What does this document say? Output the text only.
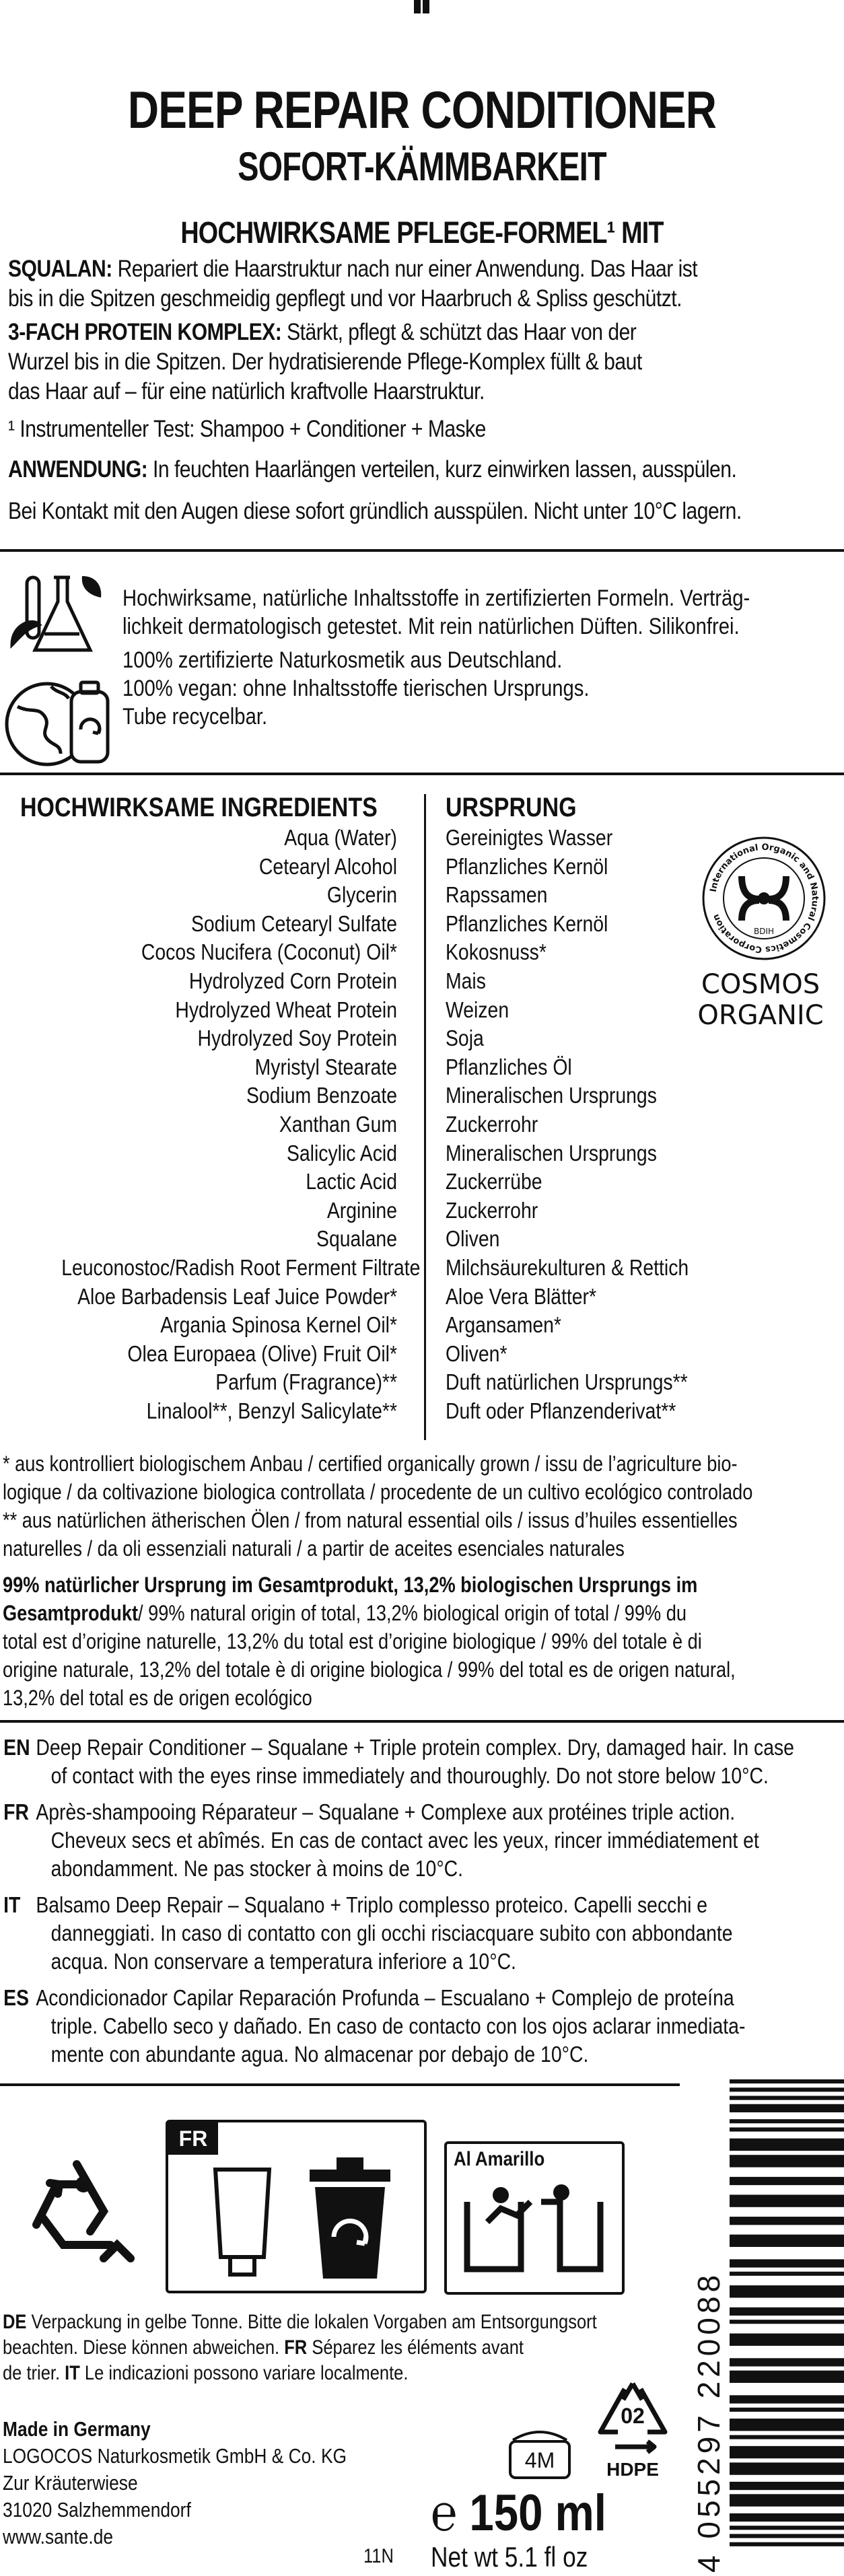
DEEP REPAIR CONDITIONER
SOFORT-KÄMMBARKEIT
HOCHWIRKSAME PFLEGE-FORMEL¹ MIT
SQUALAN: Repariert die Haarstruktur nach nur einer Anwendung. Das Haar ist
bis in die Spitzen geschmeidig gepflegt und vor Haarbruch & Spliss geschützt.
3-FACH PROTEIN KOMPLEX: Stärkt, pflegt & schützt das Haar von der
Wurzel bis in die Spitzen. Der hydratisierende Pflege-Komplex füllt & baut
das Haar auf – für eine natürlich kraftvolle Haarstruktur.
¹ Instrumenteller Test: Shampoo + Conditioner + Maske
ANWENDUNG: In feuchten Haarlängen verteilen, kurz einwirken lassen, ausspülen.
Bei Kontakt mit den Augen diese sofort gründlich ausspülen. Nicht unter 10°C lagern.
Hochwirksame, natürliche Inhaltsstoffe in zertifizierten Formeln. Verträg-
lichkeit dermatologisch getestet. Mit rein natürlichen Düften. Silikonfrei.
100% zertifizierte Naturkosmetik aus Deutschland.
100% vegan: ohne Inhaltsstoffe tierischen Ursprungs.
Tube recycelbar.
HOCHWIRKSAME INGREDIENTS	URSPRUNG
Aqua (Water)
Cetearyl Alcohol
Glycerin
Sodium Cetearyl Sulfate
Cocos Nucifera (Coconut) Oil*
Hydrolyzed Corn Protein
Hydrolyzed Wheat Protein
Hydrolyzed Soy Protein
Myristyl Stearate
Sodium Benzoate
Xanthan Gum
Salicylic Acid
Lactic Acid
Arginine
Squalane
Leuconostoc/Radish Root Ferment Filtrate
Aloe Barbadensis Leaf Juice Powder*
Argania Spinosa Kernel Oil*
Olea Europaea (Olive) Fruit Oil*
Parfum (Fragrance)**
Linalool**, Benzyl Salicylate**
Gereinigtes Wasser
Pflanzliches Kernöl
Rapssamen
Pflanzliches Kernöl
Kokosnuss*
Mais
Weizen
Soja
Pflanzliches Öl
Mineralischen Ursprungs
Zuckerrohr
Mineralischen Ursprungs
Zuckerrübe
Zuckerrohr
Oliven
Milchsäurekulturen & Rettich
Aloe Vera Blätter*
Argansamen*
Oliven*
Duft natürlichen Ursprungs**
Duft oder Pflanzenderivat**
International Organic and Natural Cosmetics Corporation
BDIH
COSMOS
ORGANIC
* aus kontrolliert biologischem Anbau / certified organically grown / issu de l’agriculture bio-
logique / da coltivazione biologica controllata / procedente de un cultivo ecológico controlado
** aus natürlichen ätherischen Ölen / from natural essential oils / issus d’huiles essentielles
naturelles / da oli essenziali naturali / a partir de aceites esenciales naturales
99% natürlicher Ursprung im Gesamtprodukt, 13,2% biologischen Ursprungs im
Gesamtprodukt/ 99% natural origin of total, 13,2% biological origin of total / 99% du
total est d’origine naturelle, 13,2% du total est d’origine biologique / 99% del totale è di
origine naturale, 13,2% del totale è di origine biologica / 99% del total es de origen natural,
13,2% del total es de origen ecológico
EN Deep Repair Conditioner – Squalane + Triple protein complex. Dry, damaged hair. In case
of contact with the eyes rinse immediately and thouroughly. Do not store below 10°C.
FR Après-shampooing Réparateur – Squalane + Complexe aux protéines triple action.
Cheveux secs et abîmés. En cas de contact avec les yeux, rincer immédiatement et
abondamment. Ne pas stocker à moins de 10°C.
IT Balsamo Deep Repair – Squalano + Triplo complesso proteico. Capelli secchi e
danneggiati. In caso di contatto con gli occhi risciacquare subito con abbondante
acqua. Non conservare a temperatura inferiore a 10°C.
ES Acondicionador Capilar Reparación Profunda – Escualano + Complejo de proteína
triple. Cabello seco y dañado. En caso de contacto con los ojos aclarar inmediata-
mente con abundante agua. No almacenar por debajo de 10°C.
FR
Al Amarillo
DE Verpackung in gelbe Tonne. Bitte die lokalen Vorgaben am Entsorgungsort
beachten. Diese können abweichen. FR Séparez les éléments avant
de trier. IT Le indicazioni possono variare localmente.
Made in Germany
LOGOCOS Naturkosmetik GmbH & Co. KG
Zur Kräuterwiese
31020 Salzhemmendorf
www.sante.de
11N
4M
02
HDPE
℮ 150 ml
Net wt 5.1 fl oz	4 055297 220088
